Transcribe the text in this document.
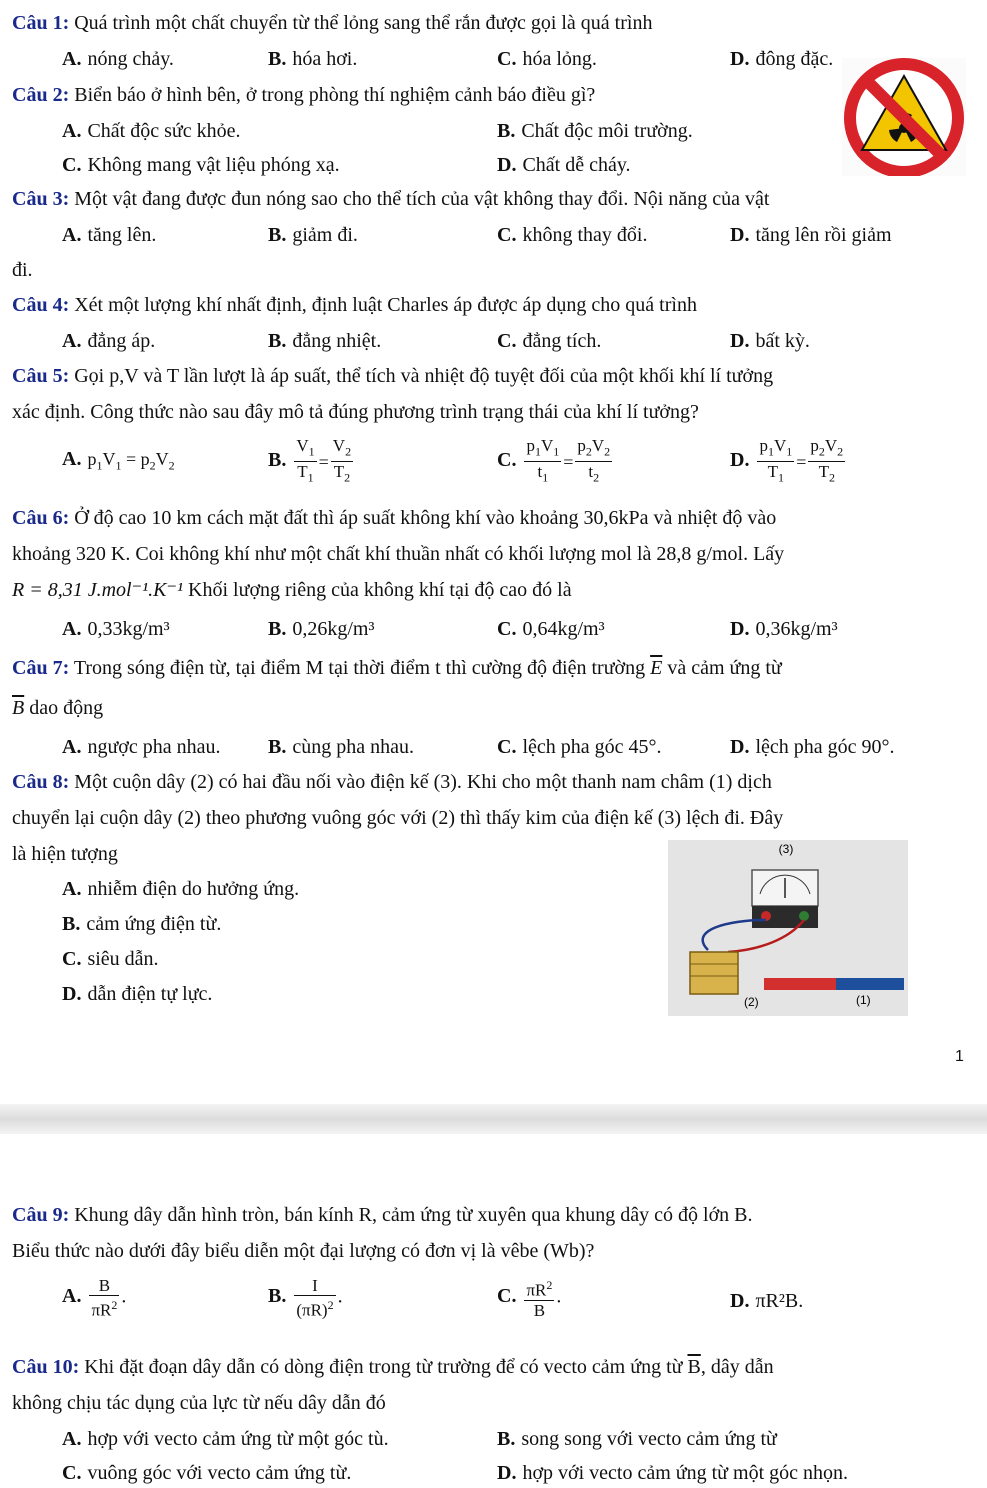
Câu 1: Quá trình một chất chuyển từ thể lỏng sang thể rắn được gọi là quá trình
A. nóng chảy.	B. hóa hơi.	C. hóa lỏng.	D. đông đặc.
Câu 2: Biển báo ở hình bên, ở trong phòng thí nghiệm cảnh báo điều gì?
A. Chất độc sức khỏe.	B. Chất độc môi trường.
C. Không mang vật liệu phóng xạ.	D. Chất dễ cháy.
Câu 3: Một vật đang được đun nóng sao cho thể tích của vật không thay đổi. Nội năng của vật
A. tăng lên.	B. giảm đi.	C. không thay đổi.	D. tăng lên rồi giảm
đi.
Câu 4: Xét một lượng khí nhất định, định luật Charles áp được áp dụng cho quá trình
A. đẳng áp.	B. đẳng nhiệt.	C. đẳng tích.	D. bất kỳ.
Câu 5: Gọi p,V và T lần lượt là áp suất, thể tích và nhiệt độ tuyệt đối của một khối khí lí tưởng
xác định. Công thức nào sau đây mô tả đúng phương trình trạng thái của khí lí tưởng?
A. $p_1V_1 = p_2V_2$	B. $\frac{V_1}{T_1} = \frac{V_2}{T_2}$	C. $\frac{p_1V_1}{t_1} = \frac{p_2V_2}{t_2}$	D. $\frac{p_1V_1}{T_1} = \frac{p_2V_2}{T_2}$
Câu 6: Ở độ cao 10 km cách mặt đất thì áp suất không khí vào khoảng 30,6kPa và nhiệt độ vào
khoảng 320 K. Coi không khí như một chất khí thuần nhất có khối lượng mol là 28,8 g/mol. Lấy
R = 8,31 J.mol⁻¹.K⁻¹ Khối lượng riêng của không khí tại độ cao đó là
A. 0,33kg/m³	B. 0,26kg/m³	C. 0,64kg/m³	D. 0,36kg/m³
Câu 7: Trong sóng điện từ, tại điểm M tại thời điểm t thì cường độ điện trường $\overline{E}$ và cảm ứng từ
$\overline{B}$ dao động
A. ngược pha nhau. B. cùng pha nhau.	C. lệch pha góc 45°.	D. lệch pha góc 90°.
Câu 8: Một cuộn dây (2) có hai đầu nối vào điện kế (3). Khi cho một thanh nam châm (1) dịch
chuyển lại cuộn dây (2) theo phương vuông góc với (2) thì thấy kim của điện kế (3) lệch đi. Đây
là hiện tượng
A. nhiễm điện do hưởng ứng.
B. cảm ứng điện từ.
C. siêu dẫn.
D. dẫn điện tự lực.
(3)
(2)	(1)
1
Câu 9: Khung dây dẫn hình tròn, bán kính R, cảm ứng từ xuyên qua khung dây có độ lớn B.
Biểu thức nào dưới đây biểu diễn một đại lượng có đơn vị là vêbe (Wb)?
A. $\frac{B}{\pi R^2}$ .	B. $\frac{I}{(\pi R)^2}$ .	C. $\frac{\pi R^2}{B}$ .	D. πR²B.
Câu 10: Khi đặt đoạn dây dẫn có dòng điện trong từ trường để có vecto cảm ứng từ $\overline{B}$, dây dẫn
không chịu tác dụng của lực từ nếu dây dẫn đó
A. hợp với vecto cảm ứng từ một góc tù.	B. song song với vecto cảm ứng từ
C. vuông góc với vecto cảm ứng từ.	D. hợp với vecto cảm ứng từ một góc nhọn.
